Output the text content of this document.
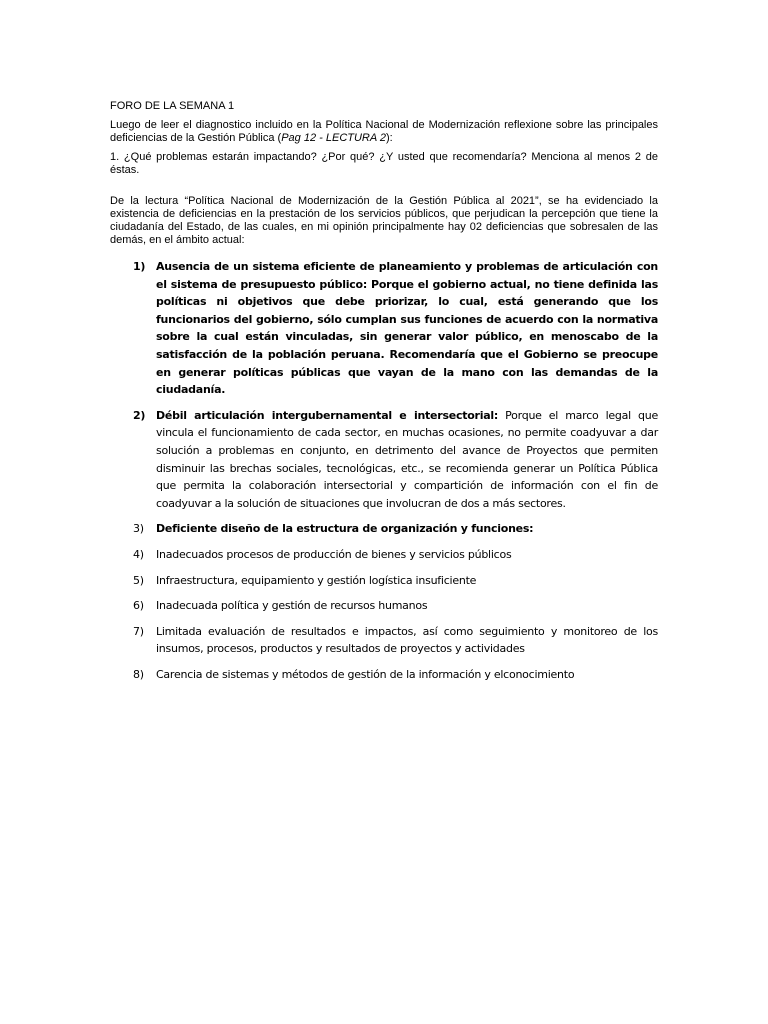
FORO DE LA SEMANA 1

Luego de leer el diagnostico incluido en la Política Nacional de Modernización reflexione sobre las principales deficiencias de la Gestión Pública (Pag 12 - LECTURA 2):

1. ¿Qué problemas estarán impactando? ¿Por qué? ¿Y usted que recomendaría? Menciona al menos 2 de éstas.

De la lectura “Política Nacional de Modernización de la Gestión Pública al 2021”, se ha evidenciado la existencia de deficiencias en la prestación de los servicios públicos, que perjudican la percepción que tiene la ciudadanía del Estado, de las cuales, en mi opinión principalmente hay 02 deficiencias que sobresalen de las demás, en el ámbito actual:

1) Ausencia de un sistema eficiente de planeamiento y problemas de articulación con el sistema de presupuesto público: Porque el gobierno actual, no tiene definida las políticas ni objetivos que debe priorizar, lo cual, está generando que los funcionarios del gobierno, sólo cumplan sus funciones de acuerdo con la normativa sobre la cual están vinculadas, sin generar valor público, en menoscabo de la satisfacción de la población peruana. Recomendaría que el Gobierno se preocupe en generar políticas públicas que vayan de la mano con las demandas de la ciudadanía.
2) Débil articulación intergubernamental e intersectorial: Porque el marco legal que vincula el funcionamiento de cada sector, en muchas ocasiones, no permite coadyuvar a dar solución a problemas en conjunto, en detrimento del avance de Proyectos que permiten disminuir las brechas sociales, tecnológicas, etc., se recomienda generar un Política Pública que permita la colaboración intersectorial y compartición de información con el fin de coadyuvar a la solución de situaciones que involucran de dos a más sectores.
3)	Deficiente diseño de la estructura de organización y funciones:
4)	Inadecuados procesos de producción de bienes y servicios públicos
5)	Infraestructura, equipamiento y gestión logística insuficiente
6)	Inadecuada política y gestión de recursos humanos
7)	Limitada evaluación de resultados e impactos, así como seguimiento y monitoreo de los insumos, procesos, productos y resultados de proyectos y actividades
8)	Carencia de sistemas y métodos de gestión de la información y elconocimiento
